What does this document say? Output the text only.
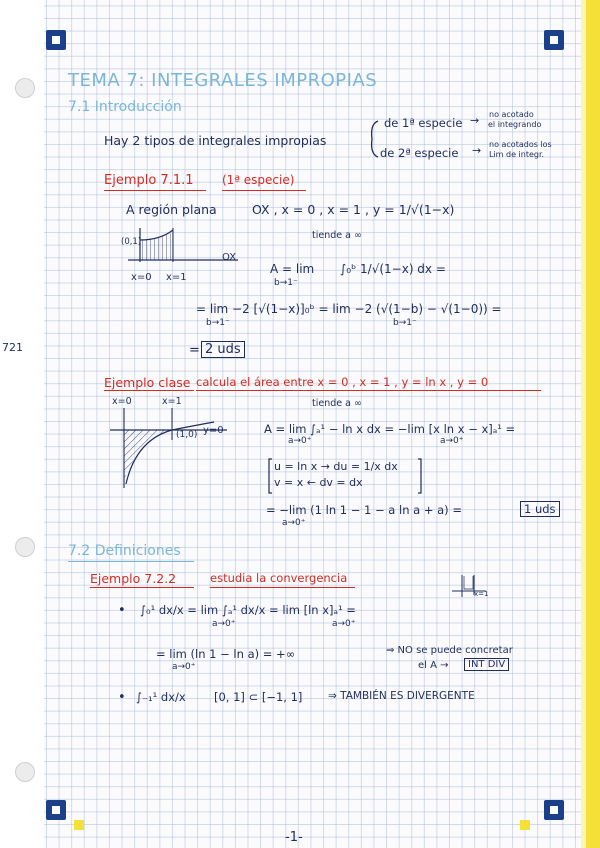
721
-1-
TEMA 7: INTEGRALES IMPROPIAS
7.1 Introducción
Hay 2 tipos de integrales impropias
de 1ª especie → no acotado
el integrando
de 2ª especie → no acotados los
Lim de integr.
Ejemplo 7.1.1 (1ª especie)
A región plana	OX , x = 0 , x = 1 , y = 1/√(1−x)
tiende a ∞
(0,1)
OX
x=0 x=1
A = lim
b→1⁻
∫₀ᵇ 1/√(1−x) dx =
= lim −2 [√(1−x)]₀ᵇ = lim −2 (√(1−b) − √(1−0)) =
b→1⁻	b→1⁻
= 2 uds
Ejemplo clase calcula el área entre x = 0 , x = 1 , y = ln x , y = 0
tiende a ∞
x=0	x=1
(1,0) y=0	A = lim ∫ₐ¹ − ln x dx = −lim [x ln x − x]ₐ¹ =
a→0⁺	a→0⁺
u = ln x → du = 1/x dx
v = x ← dv = dx
= −lim (1 ln 1 − 1 − a ln a + a) =
a→0⁺
1 uds
7.2 Definiciones
Ejemplo 7.2.2	estudia la convergencia
x=1
• ∫₀¹ dx/x = lim ∫ₐ¹ dx/x = lim [ln x]ₐ¹ =
a→0⁺	a→0⁺
= lim (ln 1 − ln a) = +∞
a→0⁺
⇒ NO se puede concretar
el A →	INT DIV
• ∫₋₁¹ dx/x [0, 1] ⊂ [−1, 1] ⇒ TAMBIÉN ES DIVERGENTE
